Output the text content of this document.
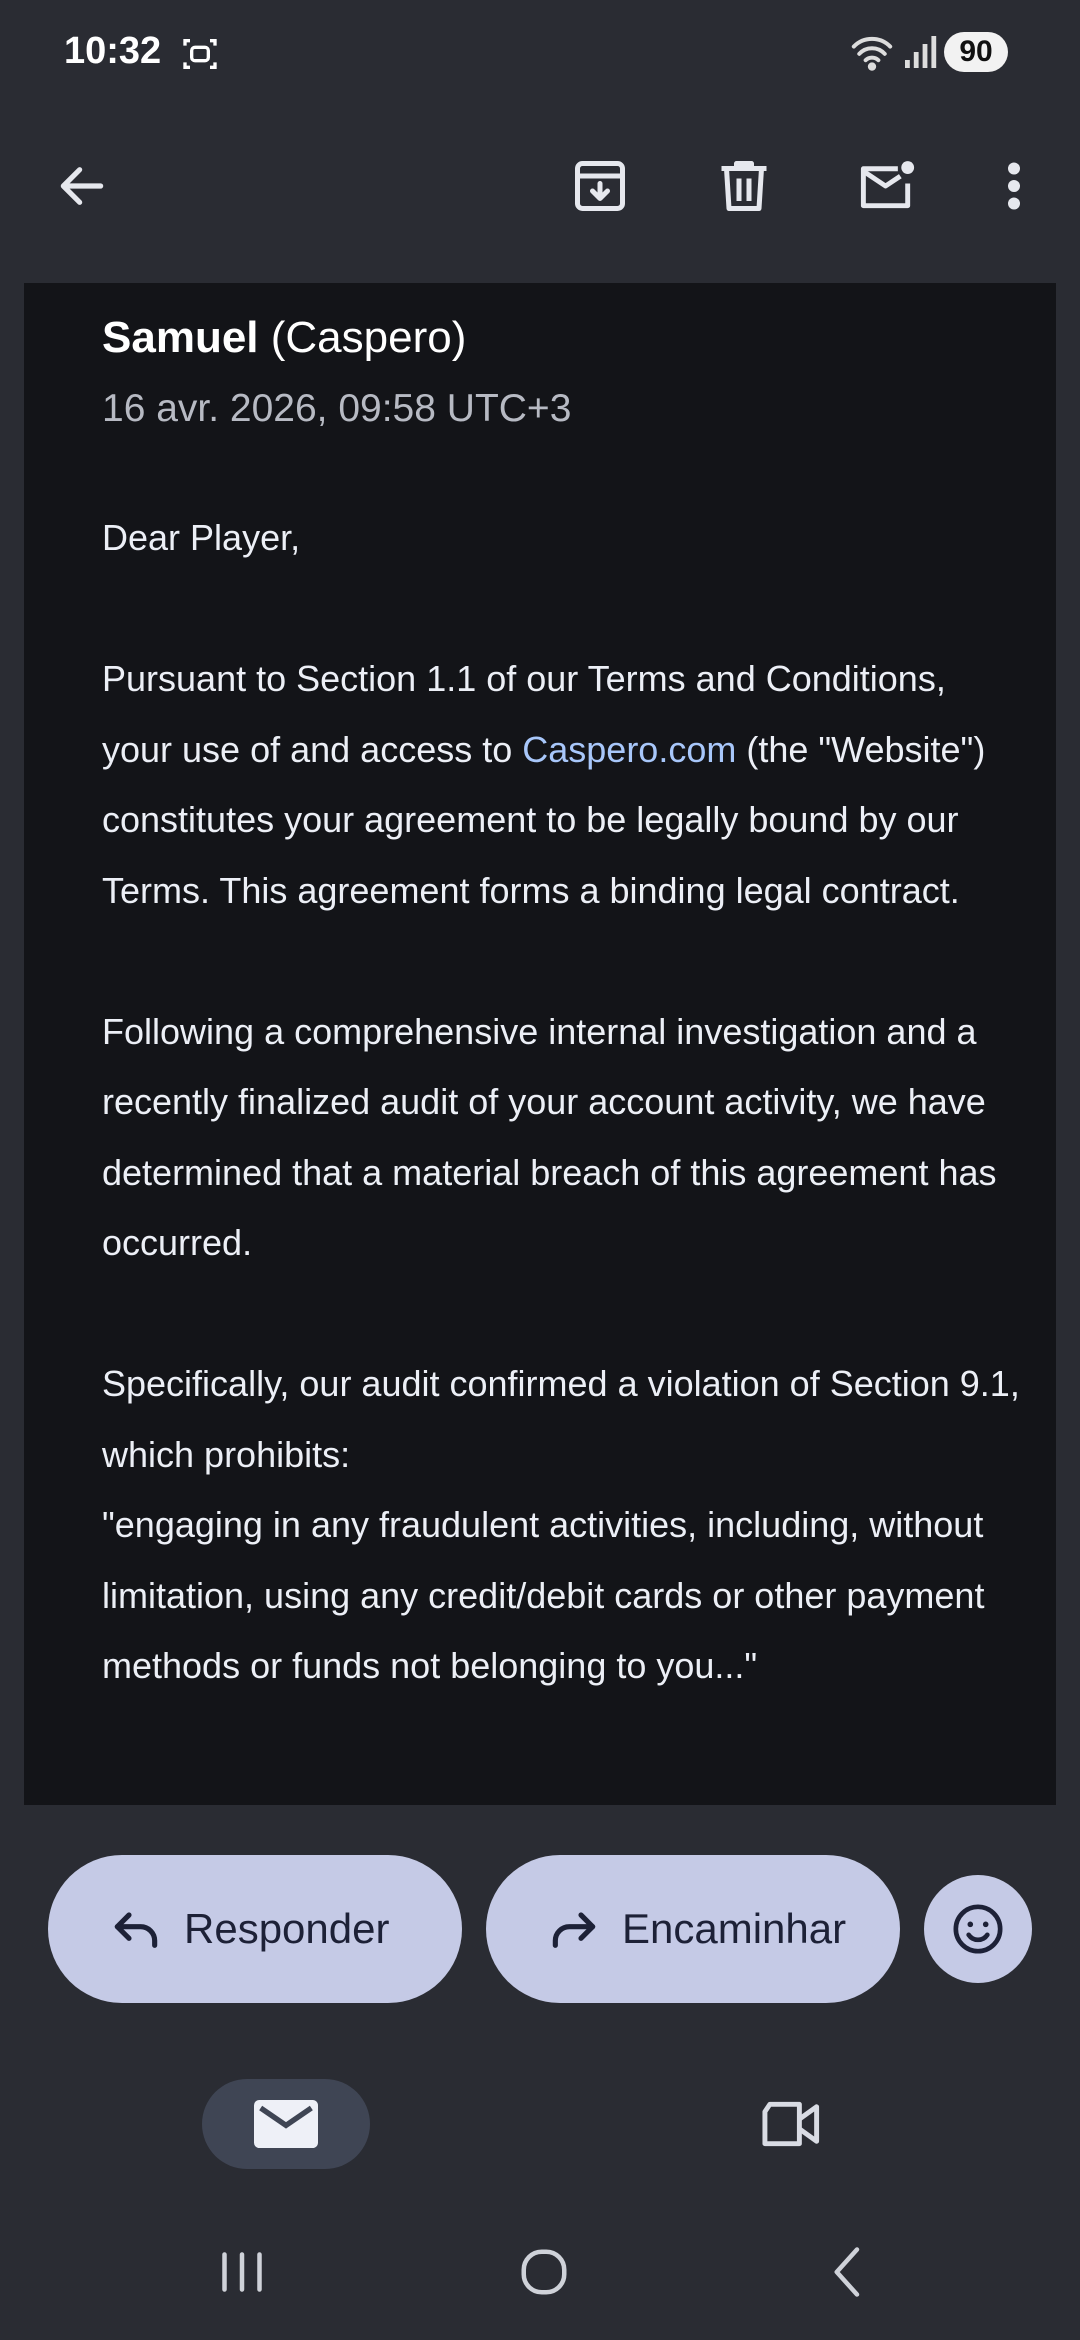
10:32	90
Samuel (Caspero)
16 avr. 2026, 09:58 UTC+3

Dear Player,

Pursuant to Section 1.1 of our Terms and Conditions, your use of and access to Caspero.com (the "Website") constitutes your agreement to be legally bound by our Terms. This agreement forms a binding legal contract.

Following a comprehensive internal investigation and a recently finalized audit of your account activity, we have determined that a material breach of this agreement has occurred.

Specifically, our audit confirmed a violation of Section 9.1, which prohibits:
"engaging in any fraudulent activities, including, without limitation, using any credit/debit cards or other payment methods or funds not belonging to you..."
Responder	Encaminhar
